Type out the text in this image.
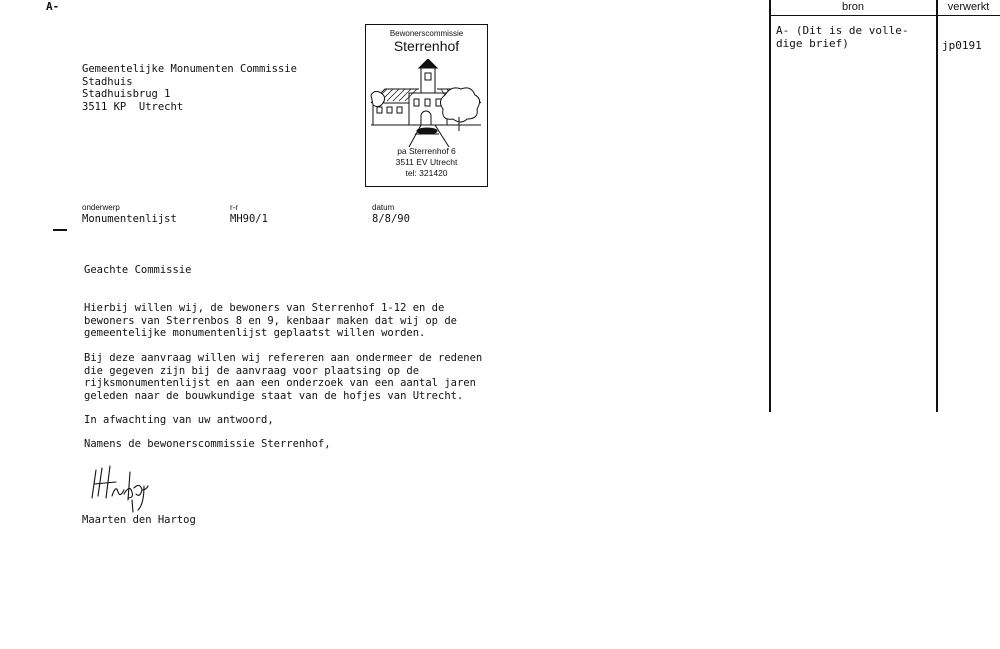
A-
Gemeentelijke Monumenten Commissie
Stadhuis
Stadhuisbrug 1
3511 KP  Utrecht
Bewonerscommissie
Sterrenhof
pa Sterrenhof 6
3511 EV Utrecht
tel: 321420
onderwerp
Monumentenlijst
r-r
MH90/1
datum
8/8/90
Geachte Commissie
Hierbij willen wij, de bewoners van Sterrenhof 1-12 en de
bewoners van Sterrenbos 8 en 9, kenbaar maken dat wij op de
gemeentelijke monumentenlijst geplaatst willen worden.
Bij deze aanvraag willen wij refereren aan ondermeer de redenen
die gegeven zijn bij de aanvraag voor plaatsing op de
rijksmonumentenlijst en aan een onderzoek van een aantal jaren
geleden naar de bouwkundige staat van de hofjes van Utrecht.
In afwachting van uw antwoord,
Namens de bewonerscommissie Sterrenhof,
Maarten den Hartog
bron	verwerkt
A- (Dit is de volle-
dige brief)	jp0191
